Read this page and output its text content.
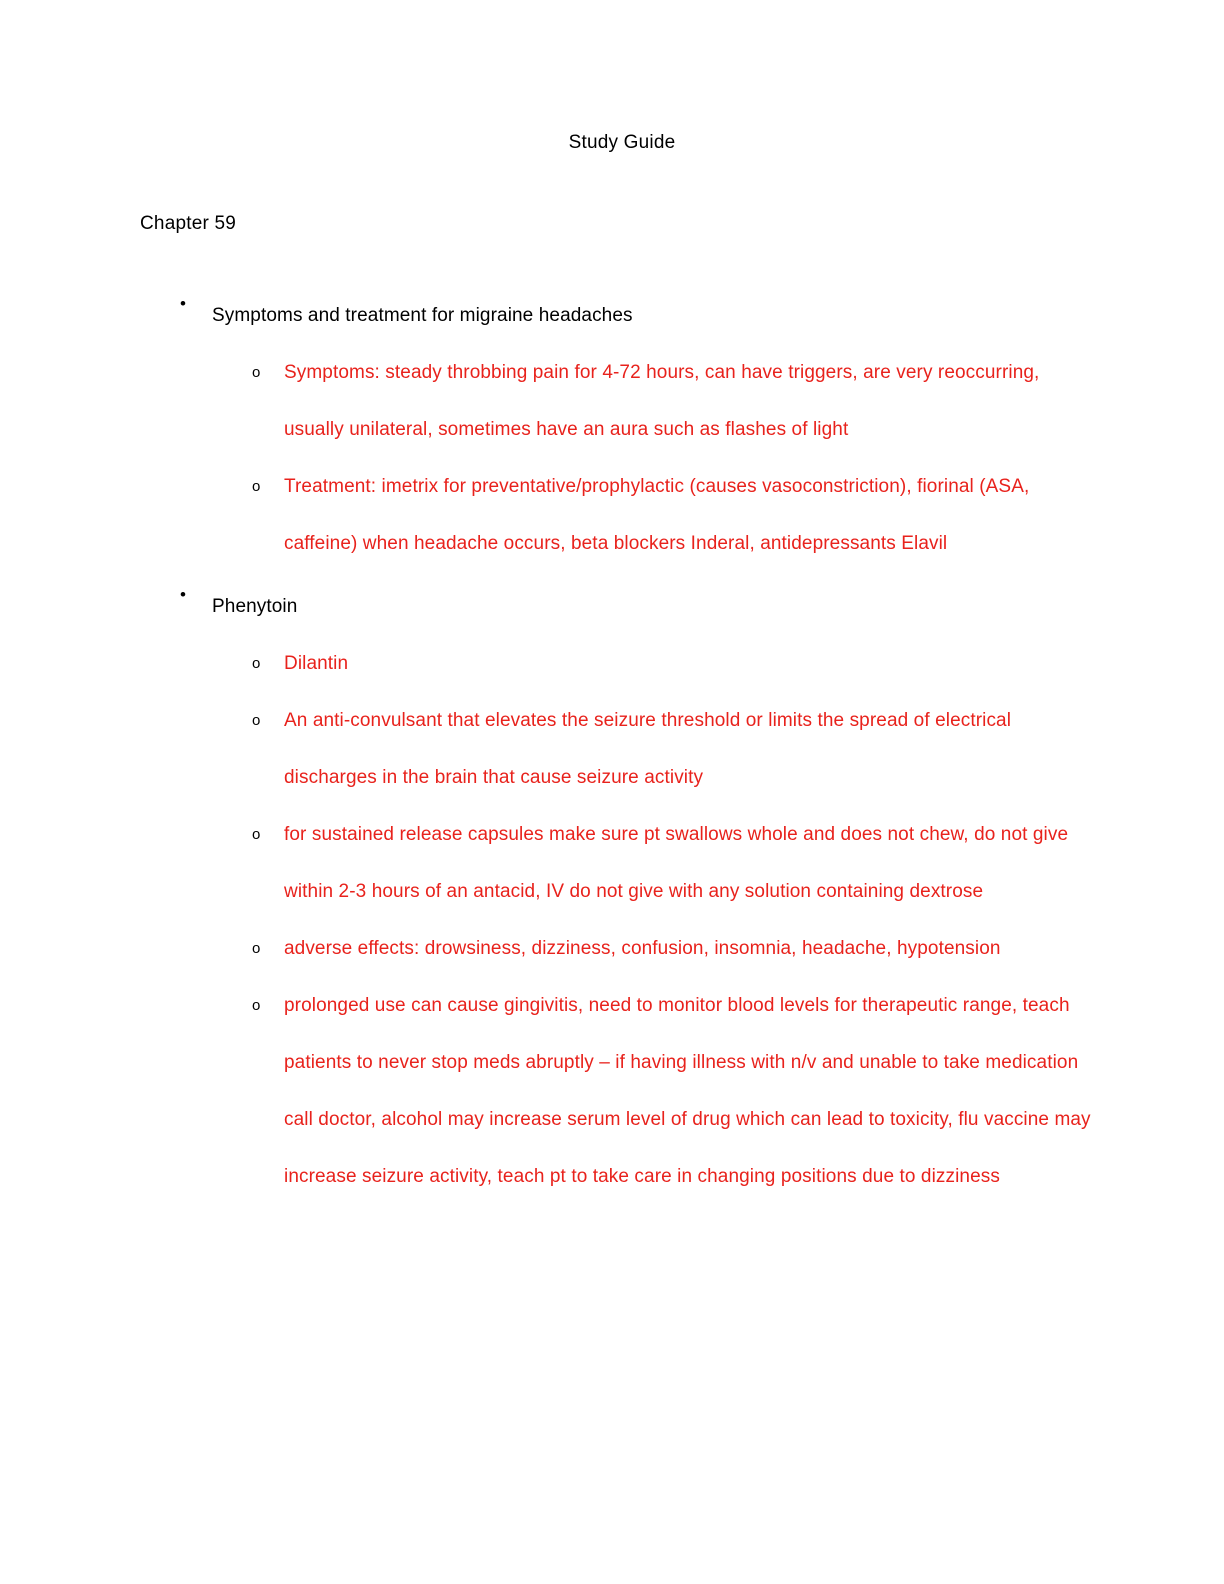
Study Guide
Chapter 59
•
Symptoms and treatment for migraine headaches
o Symptoms: steady throbbing pain for 4-72 hours, can have triggers, are very reoccurring, usually unilateral, sometimes have an aura such as flashes of light
o Treatment: imetrix for preventative/prophylactic (causes vasoconstriction), fiorinal (ASA, caffeine) when headache occurs, beta blockers Inderal, antidepressants Elavil
•
Phenytoin
o Dilantin
o An anti-convulsant that elevates the seizure threshold or limits the spread of electrical discharges in the brain that cause seizure activity
o for sustained release capsules make sure pt swallows whole and does not chew, do not give within 2-3 hours of an antacid, IV do not give with any solution containing dextrose
o adverse effects: drowsiness, dizziness, confusion, insomnia, headache, hypotension
o prolonged use can cause gingivitis, need to monitor blood levels for therapeutic range, teach patients to never stop meds abruptly – if having illness with n/v and unable to take medication call doctor, alcohol may increase serum level of drug which can lead to toxicity, flu vaccine may increase seizure activity, teach pt to take care in changing positions due to dizziness
